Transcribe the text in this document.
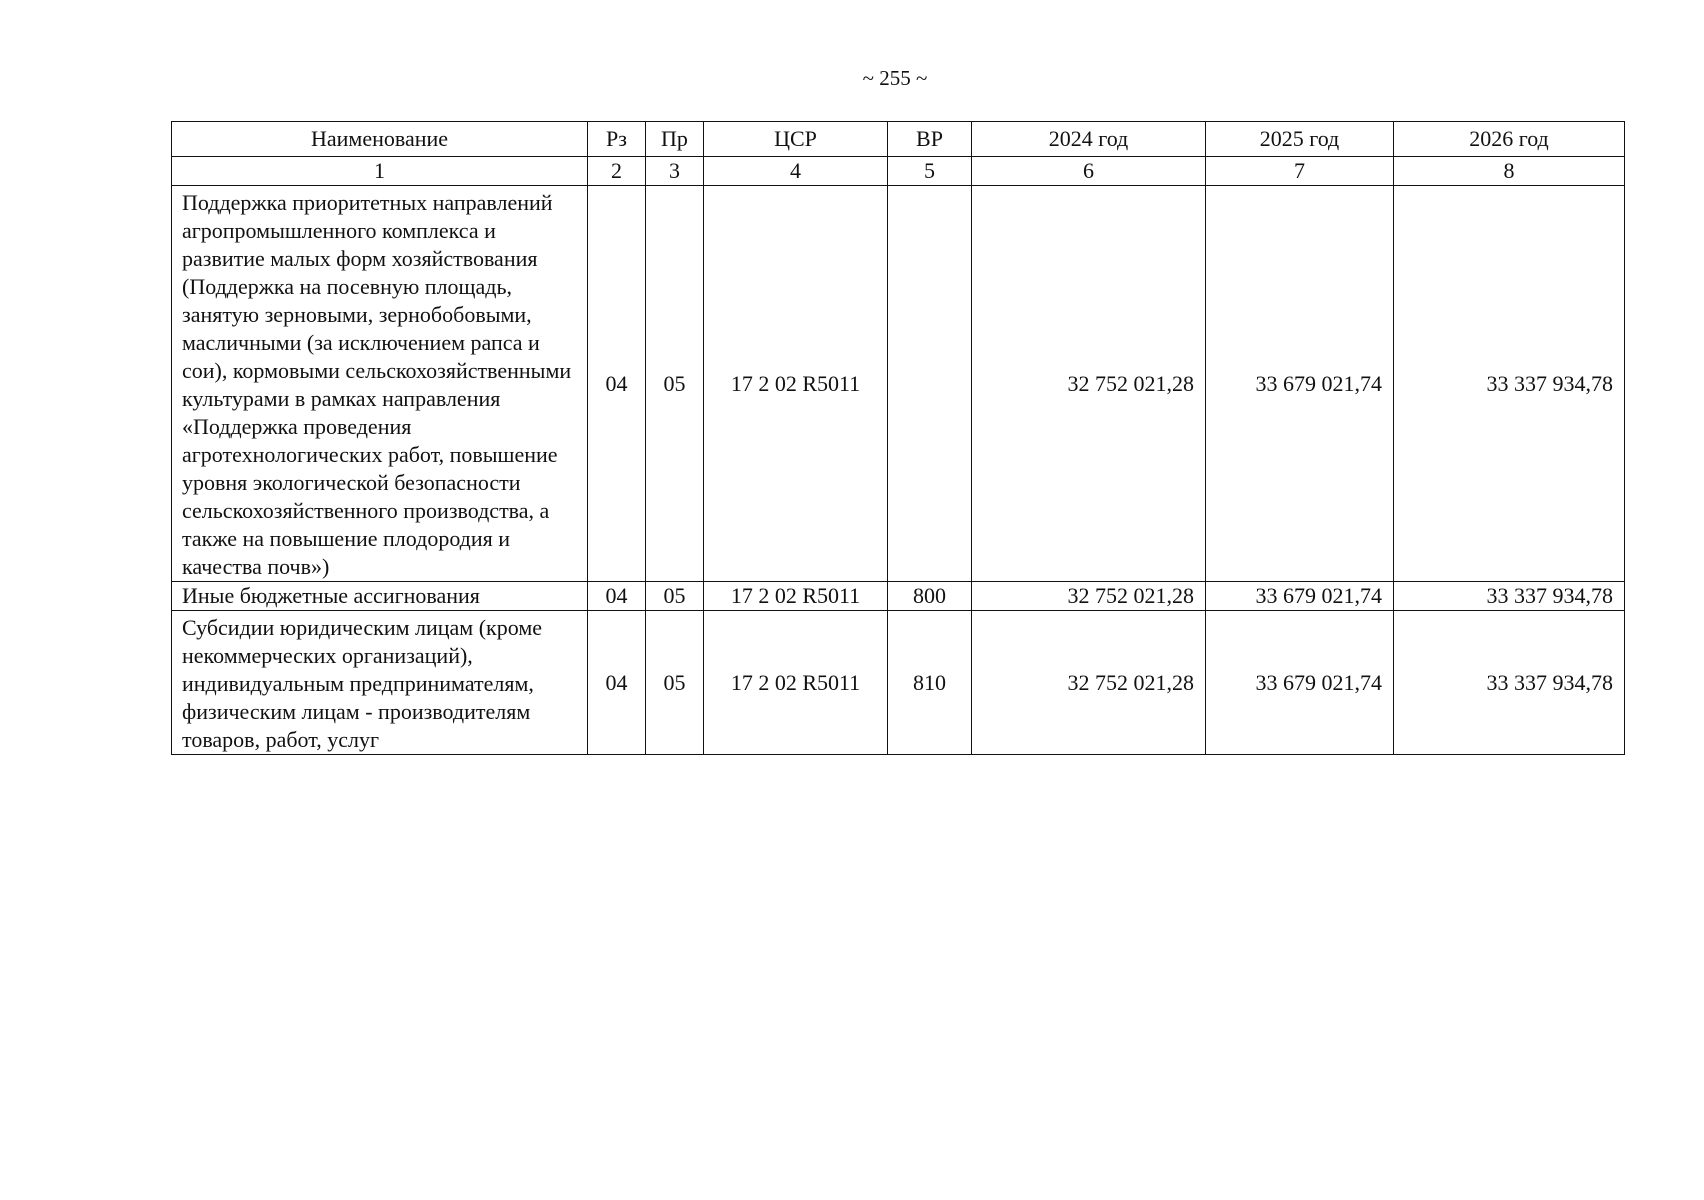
~ 255 ~
Наименование	Рз	Пр	ЦСР	ВР	2024 год	2025 год	2026 год
1	2	3	4	5	6	7	8
Поддержка приоритетных направлений агропромышленного комплекса и развитие малых форм хозяйствования (Поддержка на посевную площадь, занятую зерновыми, зернобобовыми, масличными (за исключением рапса и сои), кормовыми сельскохозяйственными культурами в рамках направления «Поддержка проведения агротехнологических работ, повышение уровня экологической безопасности сельскохозяйственного производства, а также на повышение плодородия и качества почв»)	04	05	17 2 02 R5011		32 752 021,28	33 679 021,74	33 337 934,78
Иные бюджетные ассигнования	04	05	17 2 02 R5011	800	32 752 021,28	33 679 021,74	33 337 934,78
Субсидии юридическим лицам (кроме некоммерческих организаций), индивидуальным предпринимателям, физическим лицам - производителям товаров, работ, услуг	04	05	17 2 02 R5011	810	32 752 021,28	33 679 021,74	33 337 934,78
